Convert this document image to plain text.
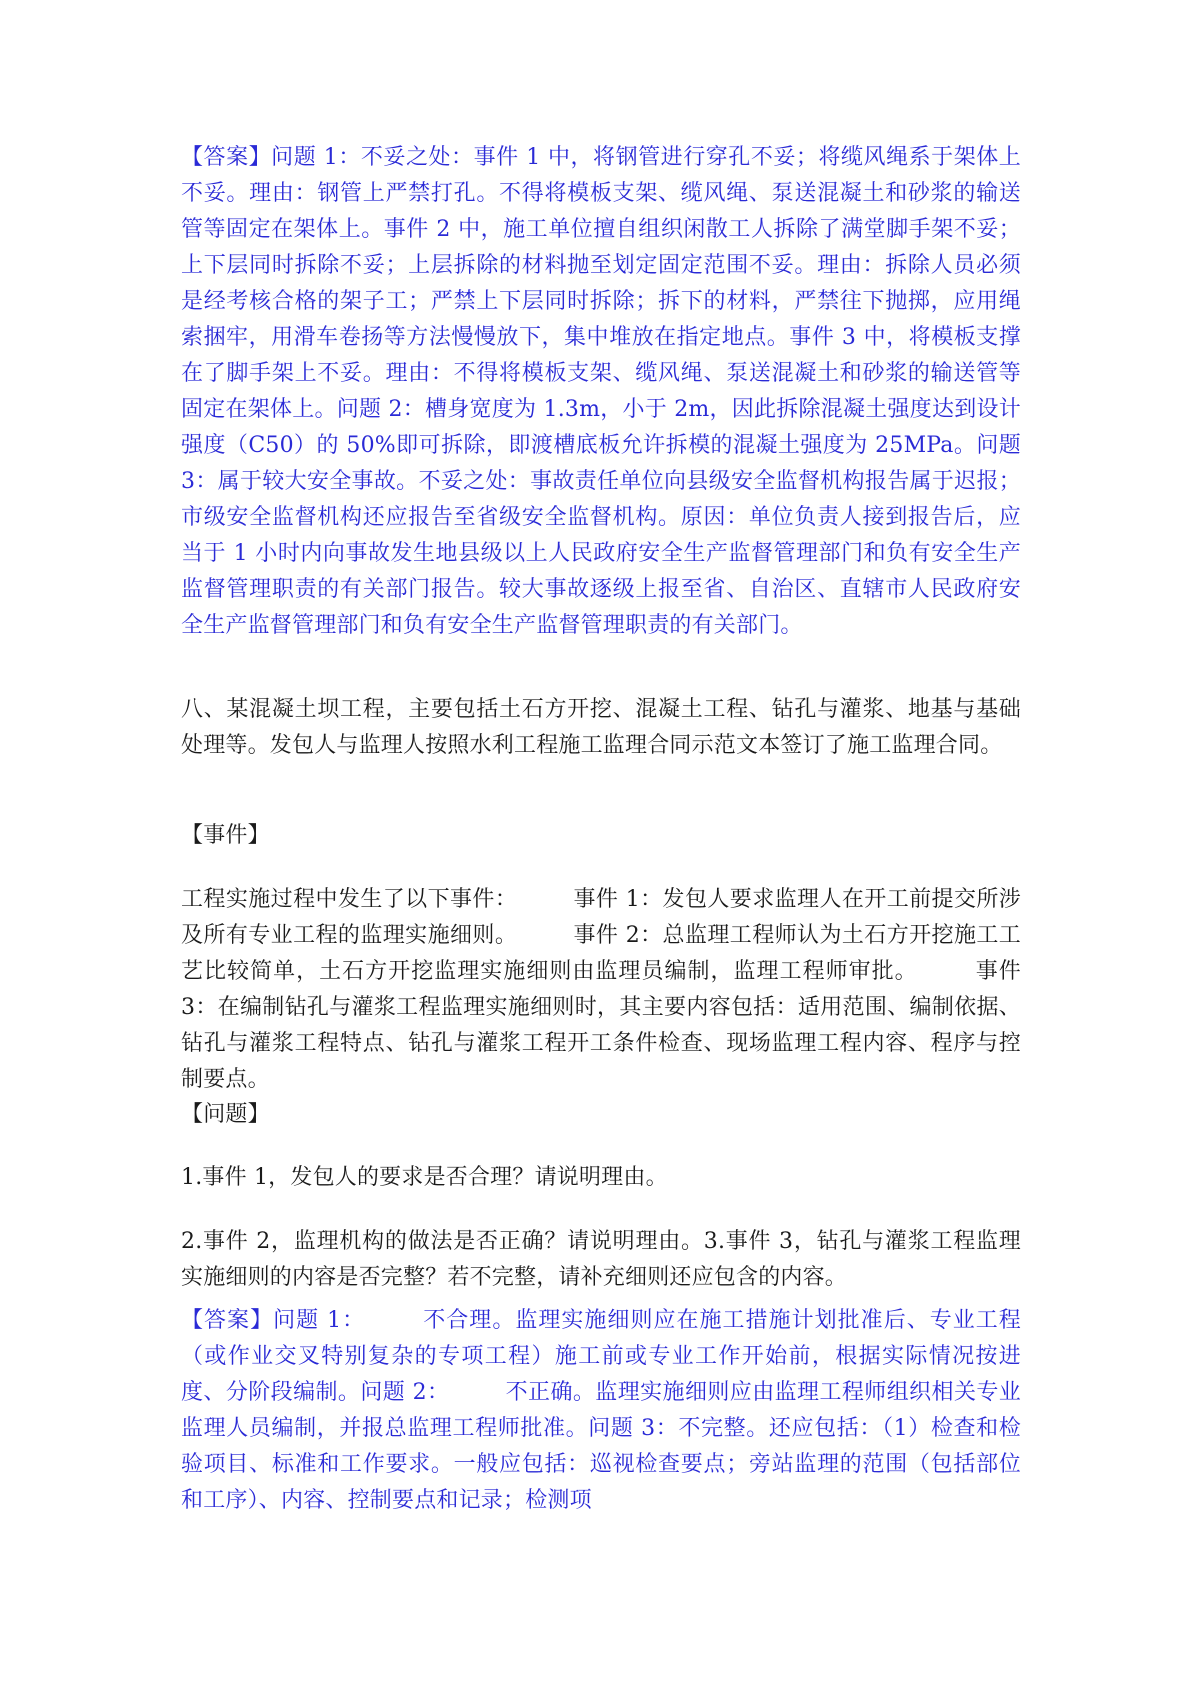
【答案】问题 1：不妥之处：事件 1 中，将钢管进行穿孔不妥；将缆风绳系于架体上不妥。理由：钢管上严禁打孔。不得将模板支架、缆风绳、泵送混凝土和砂浆的输送管等固定在架体上。事件 2 中，施工单位擅自组织闲散工人拆除了满堂脚手架不妥；上下层同时拆除不妥；上层拆除的材料抛至划定固定范围不妥。理由：拆除人员必须是经考核合格的架子工；严禁上下层同时拆除；拆下的材料，严禁往下抛掷，应用绳索捆牢，用滑车卷扬等方法慢慢放下，集中堆放在指定地点。事件 3 中，将模板支撑在了脚手架上不妥。理由：不得将模板支架、缆风绳、泵送混凝土和砂浆的输送管等固定在架体上。问题 2：槽身宽度为 1.3m，小于 2m，因此拆除混凝土强度达到设计强度（C50）的 50%即可拆除，即渡槽底板允许拆模的混凝土强度为 25MPa。问题 3：属于较大安全事故。不妥之处：事故责任单位向县级安全监督机构报告属于迟报；市级安全监督机构还应报告至省级安全监督机构。原因：单位负责人接到报告后，应当于 1 小时内向事故发生地县级以上人民政府安全生产监督管理部门和负有安全生产监督管理职责的有关部门报告。较大事故逐级上报至省、自治区、直辖市人民政府安全生产监督管理部门和负有安全生产监督管理职责的有关部门。

八、某混凝土坝工程，主要包括土石方开挖、混凝土工程、钻孔与灌浆、地基与基础处理等。发包人与监理人按照水利工程施工监理合同示范文本签订了施工监理合同。

【事件】

工程实施过程中发生了以下事件：　　　事件 1：发包人要求监理人在开工前提交所涉及所有专业工程的监理实施细则。　　　事件 2：总监理工程师认为土石方开挖施工工艺比较简单，土石方开挖监理实施细则由监理员编制，监理工程师审批。　　　事件 3：在编制钻孔与灌浆工程监理实施细则时，其主要内容包括：适用范围、编制依据、钻孔与灌浆工程特点、钻孔与灌浆工程开工条件检查、现场监理工程内容、程序与控制要点。

【问题】

1.事件 1，发包人的要求是否合理？请说明理由。

2.事件 2，监理机构的做法是否正确？请说明理由。3.事件 3，钻孔与灌浆工程监理实施细则的内容是否完整？若不完整，请补充细则还应包含的内容。

【答案】问题 1：　　　不合理。监理实施细则应在施工措施计划批准后、专业工程（或作业交叉特别复杂的专项工程）施工前或专业工作开始前，根据实际情况按进度、分阶段编制。问题 2：　　　不正确。监理实施细则应由监理工程师组织相关专业监理人员编制，并报总监理工程师批准。问题 3：不完整。还应包括：（1）检查和检验项目、标准和工作要求。一般应包括：巡视检查要点；旁站监理的范围（包括部位和工序）、内容、控制要点和记录；检测项
